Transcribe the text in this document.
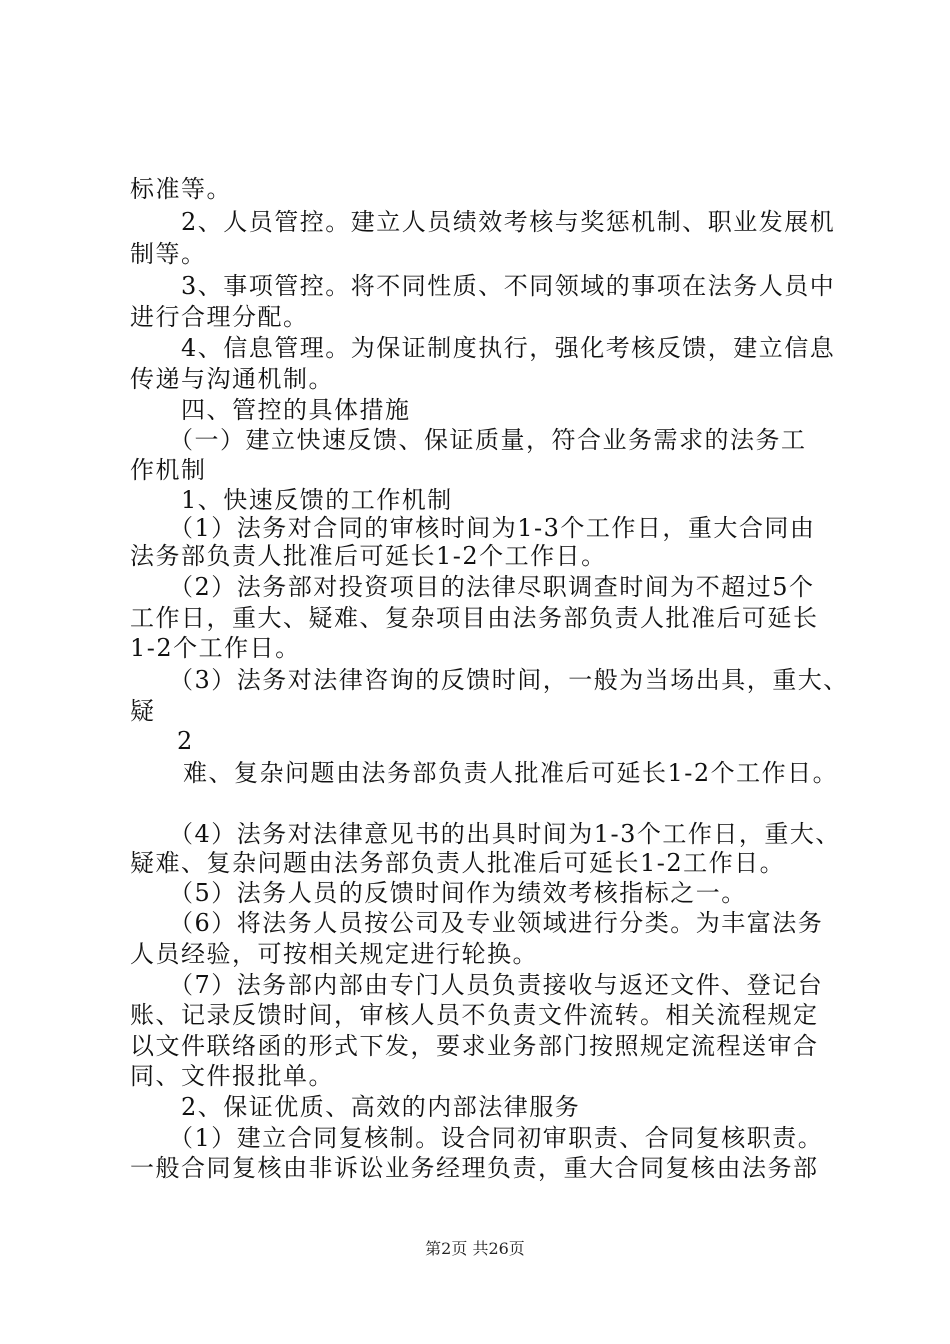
标准等。
　　2、人员管控。建立人员绩效考核与奖惩机制、职业发展机
制等。
　　3、事项管控。将不同性质、不同领域的事项在法务人员中
进行合理分配。
　　4、信息管理。为保证制度执行，强化考核反馈，建立信息
传递与沟通机制。
　　四、管控的具体措施
　　（一）建立快速反馈、保证质量，符合业务需求的法务工
作机制
　　1、快速反馈的工作机制
　　（1）法务对合同的审核时间为1-3个工作日，重大合同由
法务部负责人批准后可延长1-2个工作日。
　　（2）法务部对投资项目的法律尽职调查时间为不超过5个
工作日，重大、疑难、复杂项目由法务部负责人批准后可延长
1-2个工作日。
　　（3）法务对法律咨询的反馈时间，一般为当场出具，重大、
疑
2
难、复杂问题由法务部负责人批准后可延长1-2个工作日。
　　（4）法务对法律意见书的出具时间为1-3个工作日，重大、
疑难、复杂问题由法务部负责人批准后可延长1-2工作日。
　　（5）法务人员的反馈时间作为绩效考核指标之一。
　　（6）将法务人员按公司及专业领域进行分类。为丰富法务
人员经验，可按相关规定进行轮换。
　　（7）法务部内部由专门人员负责接收与返还文件、登记台
账、记录反馈时间，审核人员不负责文件流转。相关流程规定
以文件联络函的形式下发，要求业务部门按照规定流程送审合
同、文件报批单。
　　2、保证优质、高效的内部法律服务
　　（1）建立合同复核制。设合同初审职责、合同复核职责。
一般合同复核由非诉讼业务经理负责，重大合同复核由法务部
第2页 共26页
